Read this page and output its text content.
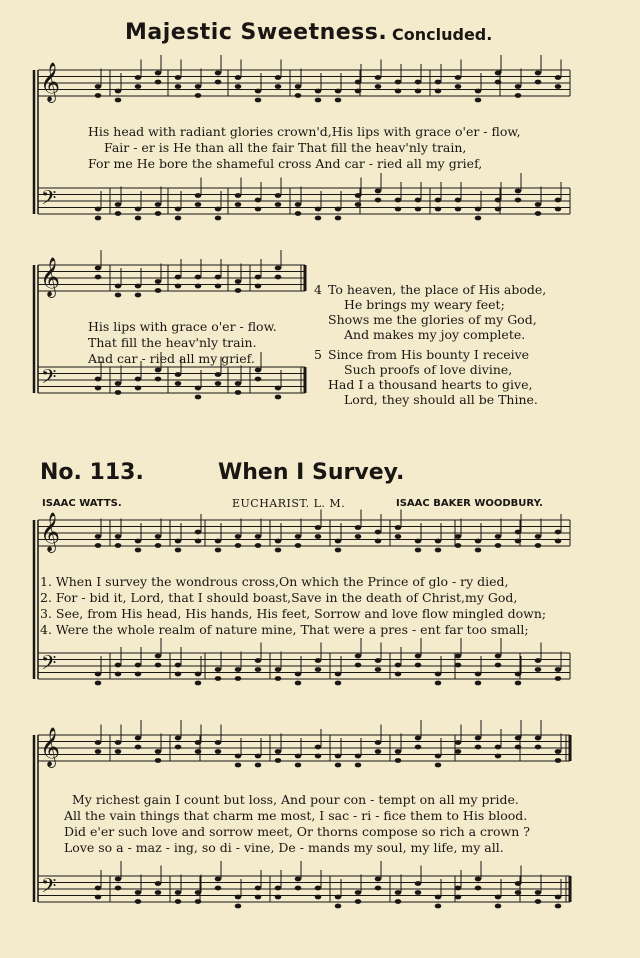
Majestic Sweetness. Concluded.
𝄞
𝄢
𝄞
𝄢
𝄞
𝄢
𝄞
𝄢
His head with radiant glories crown'd,His lips with grace o'er - flow,
Fair - er is He than all the fair That fill the heav'nly train,
For me He bore the shameful cross And car - ried all my grief,
His lips with grace o'er - flow.
That fill the heav'nly train.
And car - ried all my grief.
4 To heaven, the place of His abode,
He brings my weary feet;
Shows me the glories of my God,
And makes my joy complete.
5 Since from His bounty I receive
Such proofs of love divine,
Had I a thousand hearts to give,
Lord, they should all be Thine.
No. 113.	When I Survey.
ISAAC WATTS.	EUCHARIST. L. M.	ISAAC BAKER WOODBURY.
1. When I survey the wondrous cross,On which the Prince of glo - ry died,
2. For - bid it, Lord, that I should boast,Save in the death of Christ,my God,
3. See, from His head, His hands, His feet, Sorrow and love flow mingled down;
4. Were the whole realm of nature mine, That were a pres - ent far too small;
My richest gain I count but loss, And pour con - tempt on all my pride.
All the vain things that charm me most, I sac - ri - fice them to His blood.
Did e'er such love and sorrow meet, Or thorns compose so rich a crown ?
Love so a - maz - ing, so di - vine, De - mands my soul, my life, my all.
